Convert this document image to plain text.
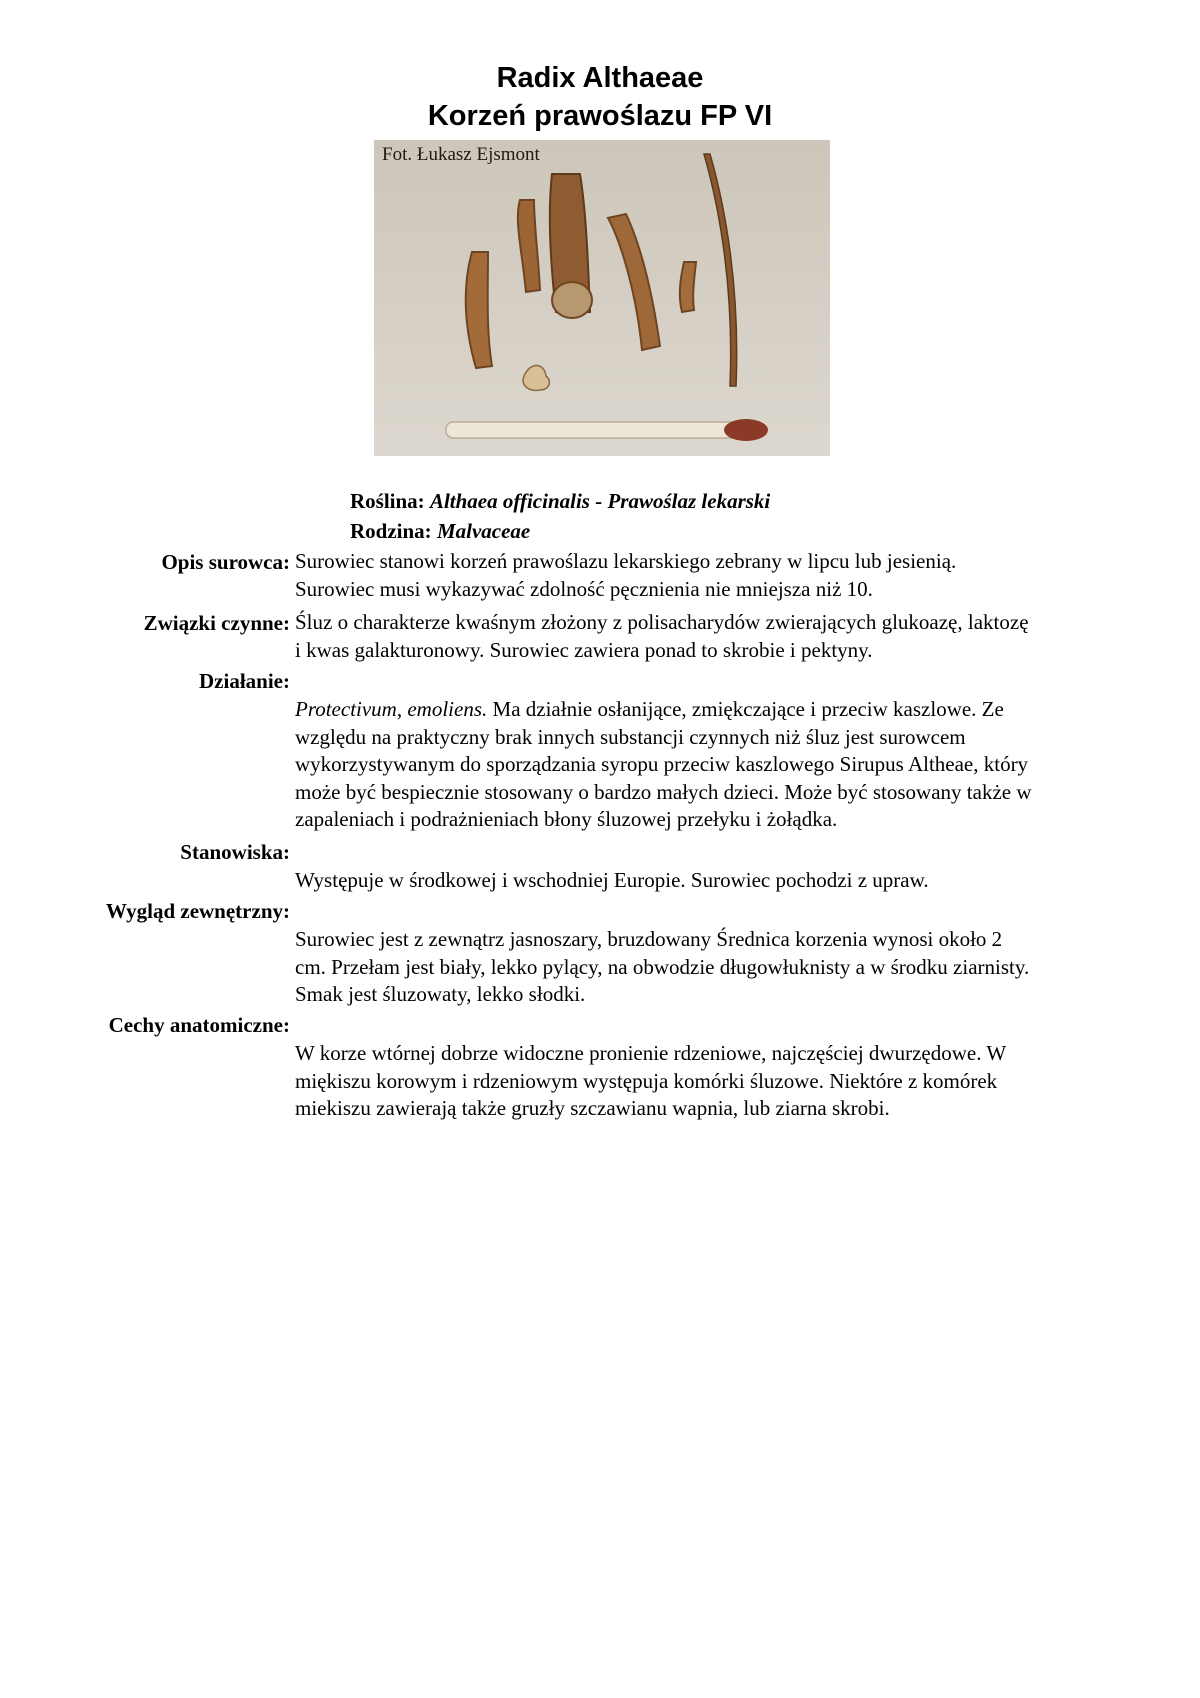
Radix Althaeae
Korzeń prawoślazu FP VI
Fot. Łukasz Ejsmont
Roślina: Althaea officinalis - Prawoślaz lekarski
Rodzina: Malvaceae
Opis surowca: Surowiec stanowi korzeń prawoślazu lekarskiego zebrany w lipcu lub jesienią.
Surowiec musi wykazywać zdolność pęcznienia nie mniejsza niż 10.
Związki czynne: Śluz o charakterze kwaśnym złożony z polisacharydów zwierających glukoazę, laktozę
i kwas galakturonowy. Surowiec zawiera ponad to skrobie i pektyny.
Działanie:
Protectivum, emoliens. Ma działnie osłanijące, zmiękczające i przeciw kaszlowe. Ze
względu na praktyczny brak innych substancji czynnych niż śluz jest surowcem
wykorzystywanym do sporządzania syropu przeciw kaszlowego Sirupus Altheae, który
może być bespiecznie stosowany o bardzo małych dzieci. Może być stosowany także w
zapaleniach i podrażnieniach błony śluzowej przełyku i żołądka.
Stanowiska:
Występuje w środkowej i wschodniej Europie. Surowiec pochodzi z upraw.
Wygląd zewnętrzny:
Surowiec jest z zewnątrz jasnoszary, bruzdowany Średnica korzenia wynosi około 2
cm. Przełam jest biały, lekko pylący, na obwodzie długowłuknisty a w środku ziarnisty.
Smak jest śluzowaty, lekko słodki.
Cechy anatomiczne:
W korze wtórnej dobrze widoczne pronienie rdzeniowe, najczęściej dwurzędowe. W
miękiszu korowym i rdzeniowym występuja komórki śluzowe. Niektóre z komórek
miekiszu zawierają także gruzły szczawianu wapnia, lub ziarna skrobi.
